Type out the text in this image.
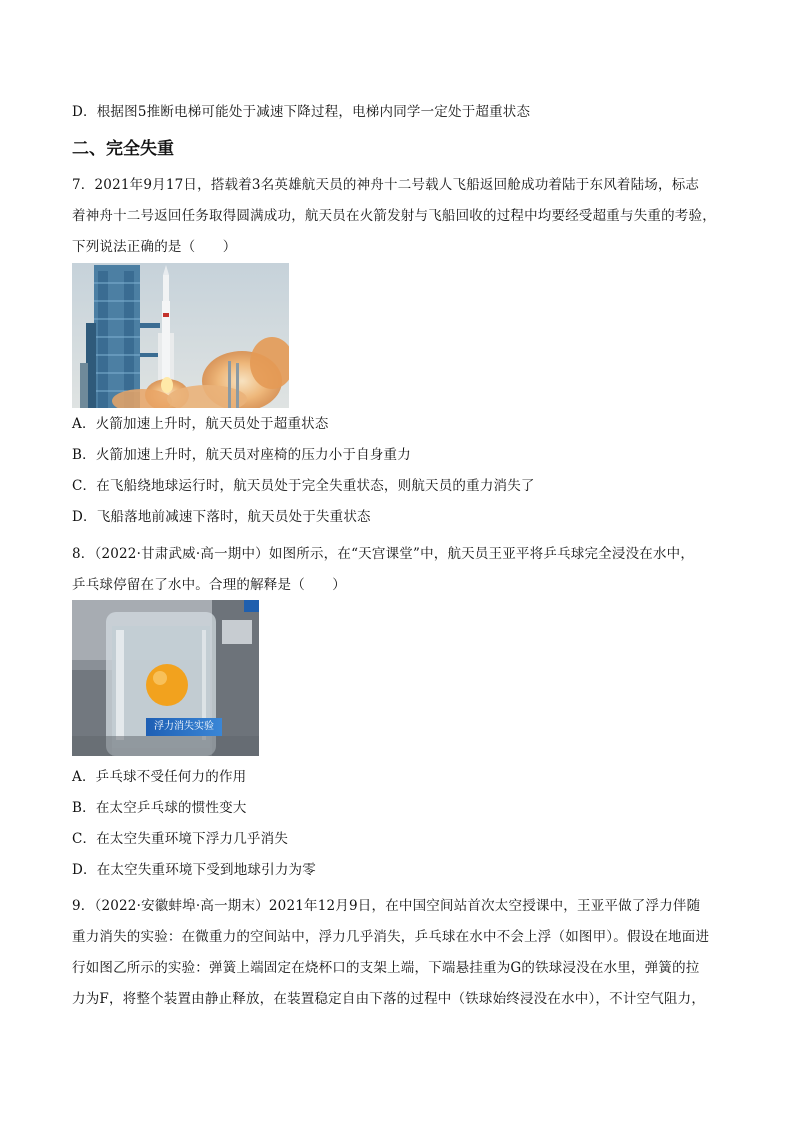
D．根据图5推断电梯可能处于减速下降过程，电梯内同学一定处于超重状态
二、完全失重
7．2021年9月17日，搭载着3名英雄航天员的神舟十二号载人飞船返回舱成功着陆于东风着陆场，标志
着神舟十二号返回任务取得圆满成功，航天员在火箭发射与飞船回收的过程中均要经受超重与失重的考验，
下列说法正确的是（　　）
A．火箭加速上升时，航天员处于超重状态
B．火箭加速上升时，航天员对座椅的压力小于自身重力
C．在飞船绕地球运行时，航天员处于完全失重状态，则航天员的重力消失了
D．飞船落地前减速下落时，航天员处于失重状态
8．（2022·甘肃武威·高一期中）如图所示，在“天宫课堂”中，航天员王亚平将乒乓球完全浸没在水中，
乒乓球停留在了水中。合理的解释是（　　）
浮力消失实验
A．乒乓球不受任何力的作用
B．在太空乒乓球的惯性变大
C．在太空失重环境下浮力几乎消失
D．在太空失重环境下受到地球引力为零
9．（2022·安徽蚌埠·高一期末）2021年12月9日，在中国空间站首次太空授课中，王亚平做了浮力伴随
重力消失的实验：在微重力的空间站中，浮力几乎消失，乒乓球在水中不会上浮（如图甲）。假设在地面进
行如图乙所示的实验：弹簧上端固定在烧杯口的支架上端，下端悬挂重为G的铁球浸没在水里，弹簧的拉
力为F，将整个装置由静止释放，在装置稳定自由下落的过程中（铁球始终浸没在水中），不计空气阻力，
